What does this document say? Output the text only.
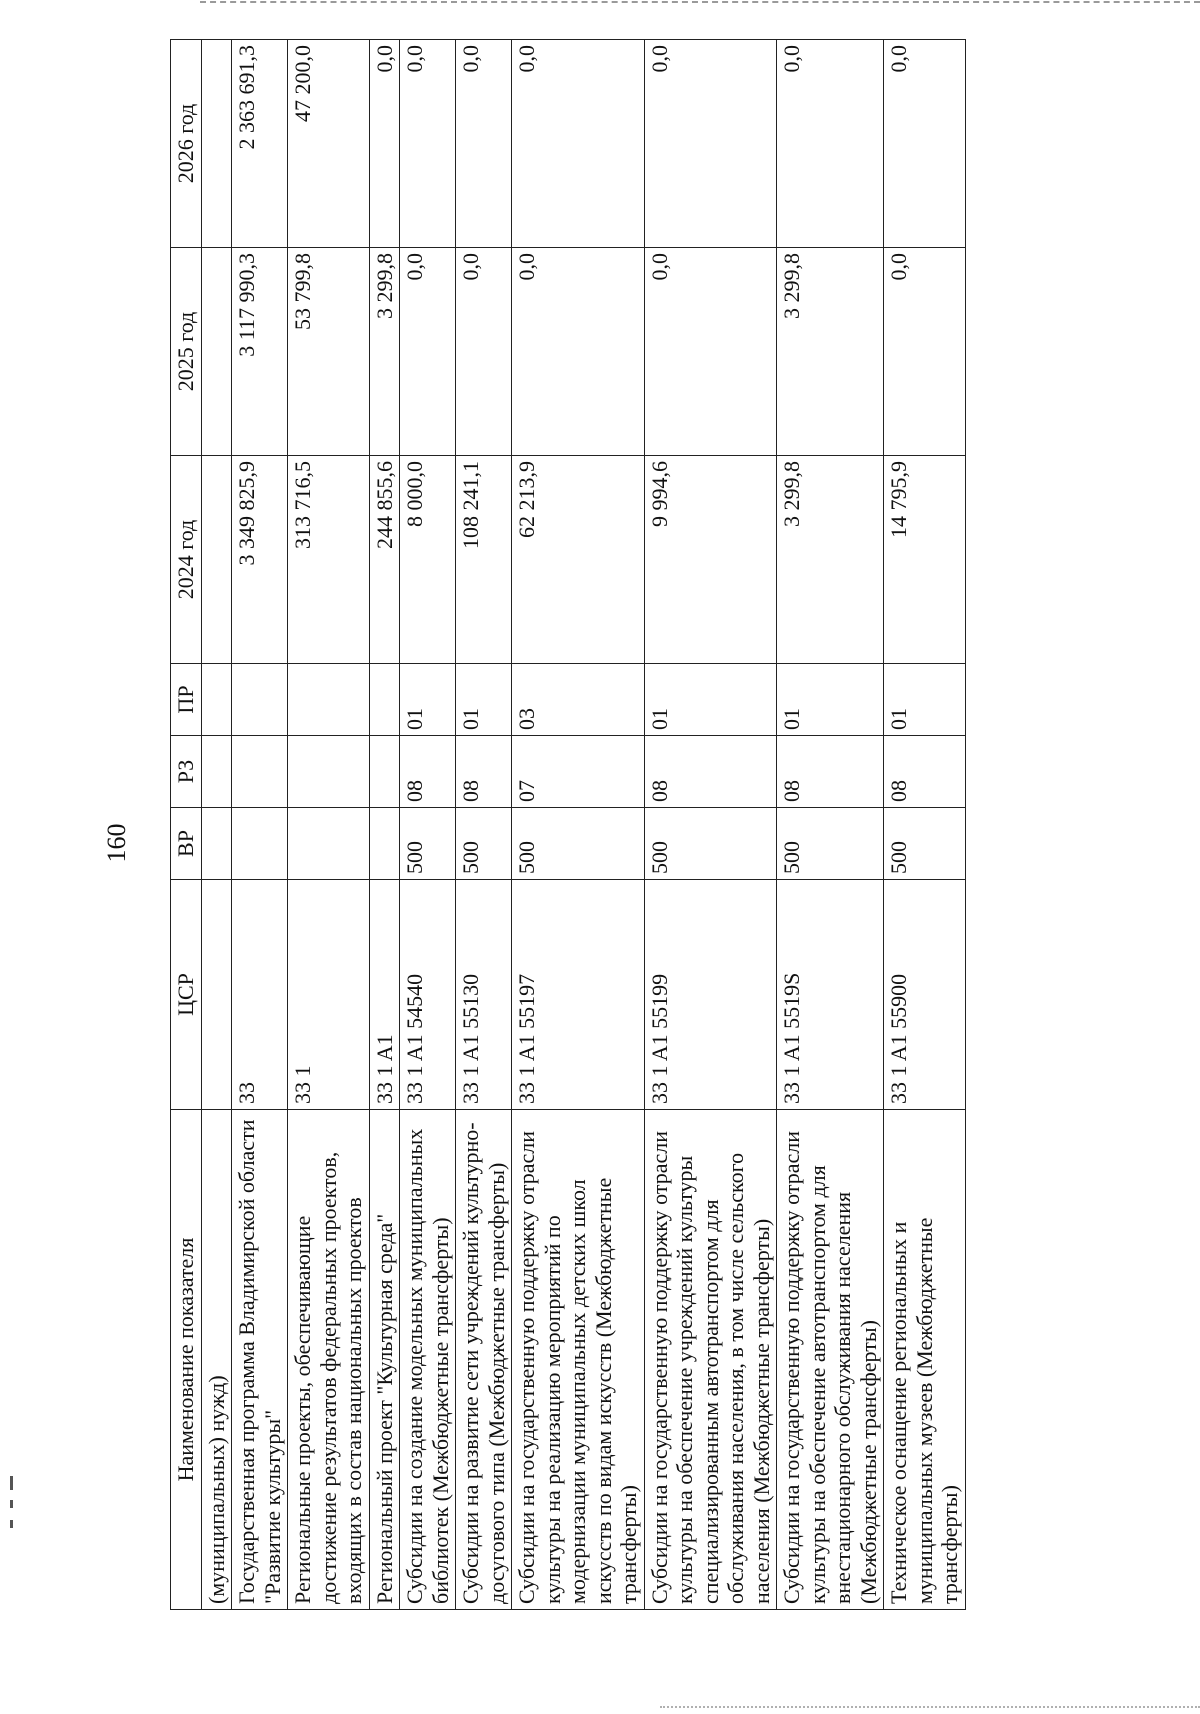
160
Наименование показателя	ЦСР	ВР	РЗ	ПР	2024 год	2025 год	2026 год
(муниципальных) нужд)							
Государственная программа Владимирской области "Развитие культуры"	33				3 349 825,9	3 117 990,3	2 363 691,3
Региональные проекты, обеспечивающие достижение результатов федеральных проектов, входящих в состав национальных проектов	33 1				313 716,5	53 799,8	47 200,0
Региональный проект "Культурная среда"	33 1 A1				244 855,6	3 299,8	0,0
Субсидии на создание модельных муниципальных библиотек (Межбюджетные трансферты)	33 1 A1 54540	500	08	01	8 000,0	0,0	0,0
Субсидии на развитие сети учреждений культурно-досугового типа (Межбюджетные трансферты)	33 1 A1 55130	500	08	01	108 241,1	0,0	0,0
Субсидии на государственную поддержку отрасли культуры на реализацию мероприятий по модернизации муниципальных детских школ искусств по видам искусств (Межбюджетные трансферты)	33 1 A1 55197	500	07	03	62 213,9	0,0	0,0
Субсидии на государственную поддержку отрасли культуры на обеспечение учреждений культуры специализированным автотранспортом для обслуживания населения, в том числе сельского населения (Межбюджетные трансферты)	33 1 A1 55199	500	08	01	9 994,6	0,0	0,0
Субсидии на государственную поддержку отрасли культуры на обеспечение автотранспортом для внестационарного обслуживания населения (Межбюджетные трансферты)	33 1 A1 5519S	500	08	01	3 299,8	3 299,8	0,0
Техническое оснащение региональных и муниципальных музеев (Межбюджетные трансферты)	33 1 A1 55900	500	08	01	14 795,9	0,0	0,0
